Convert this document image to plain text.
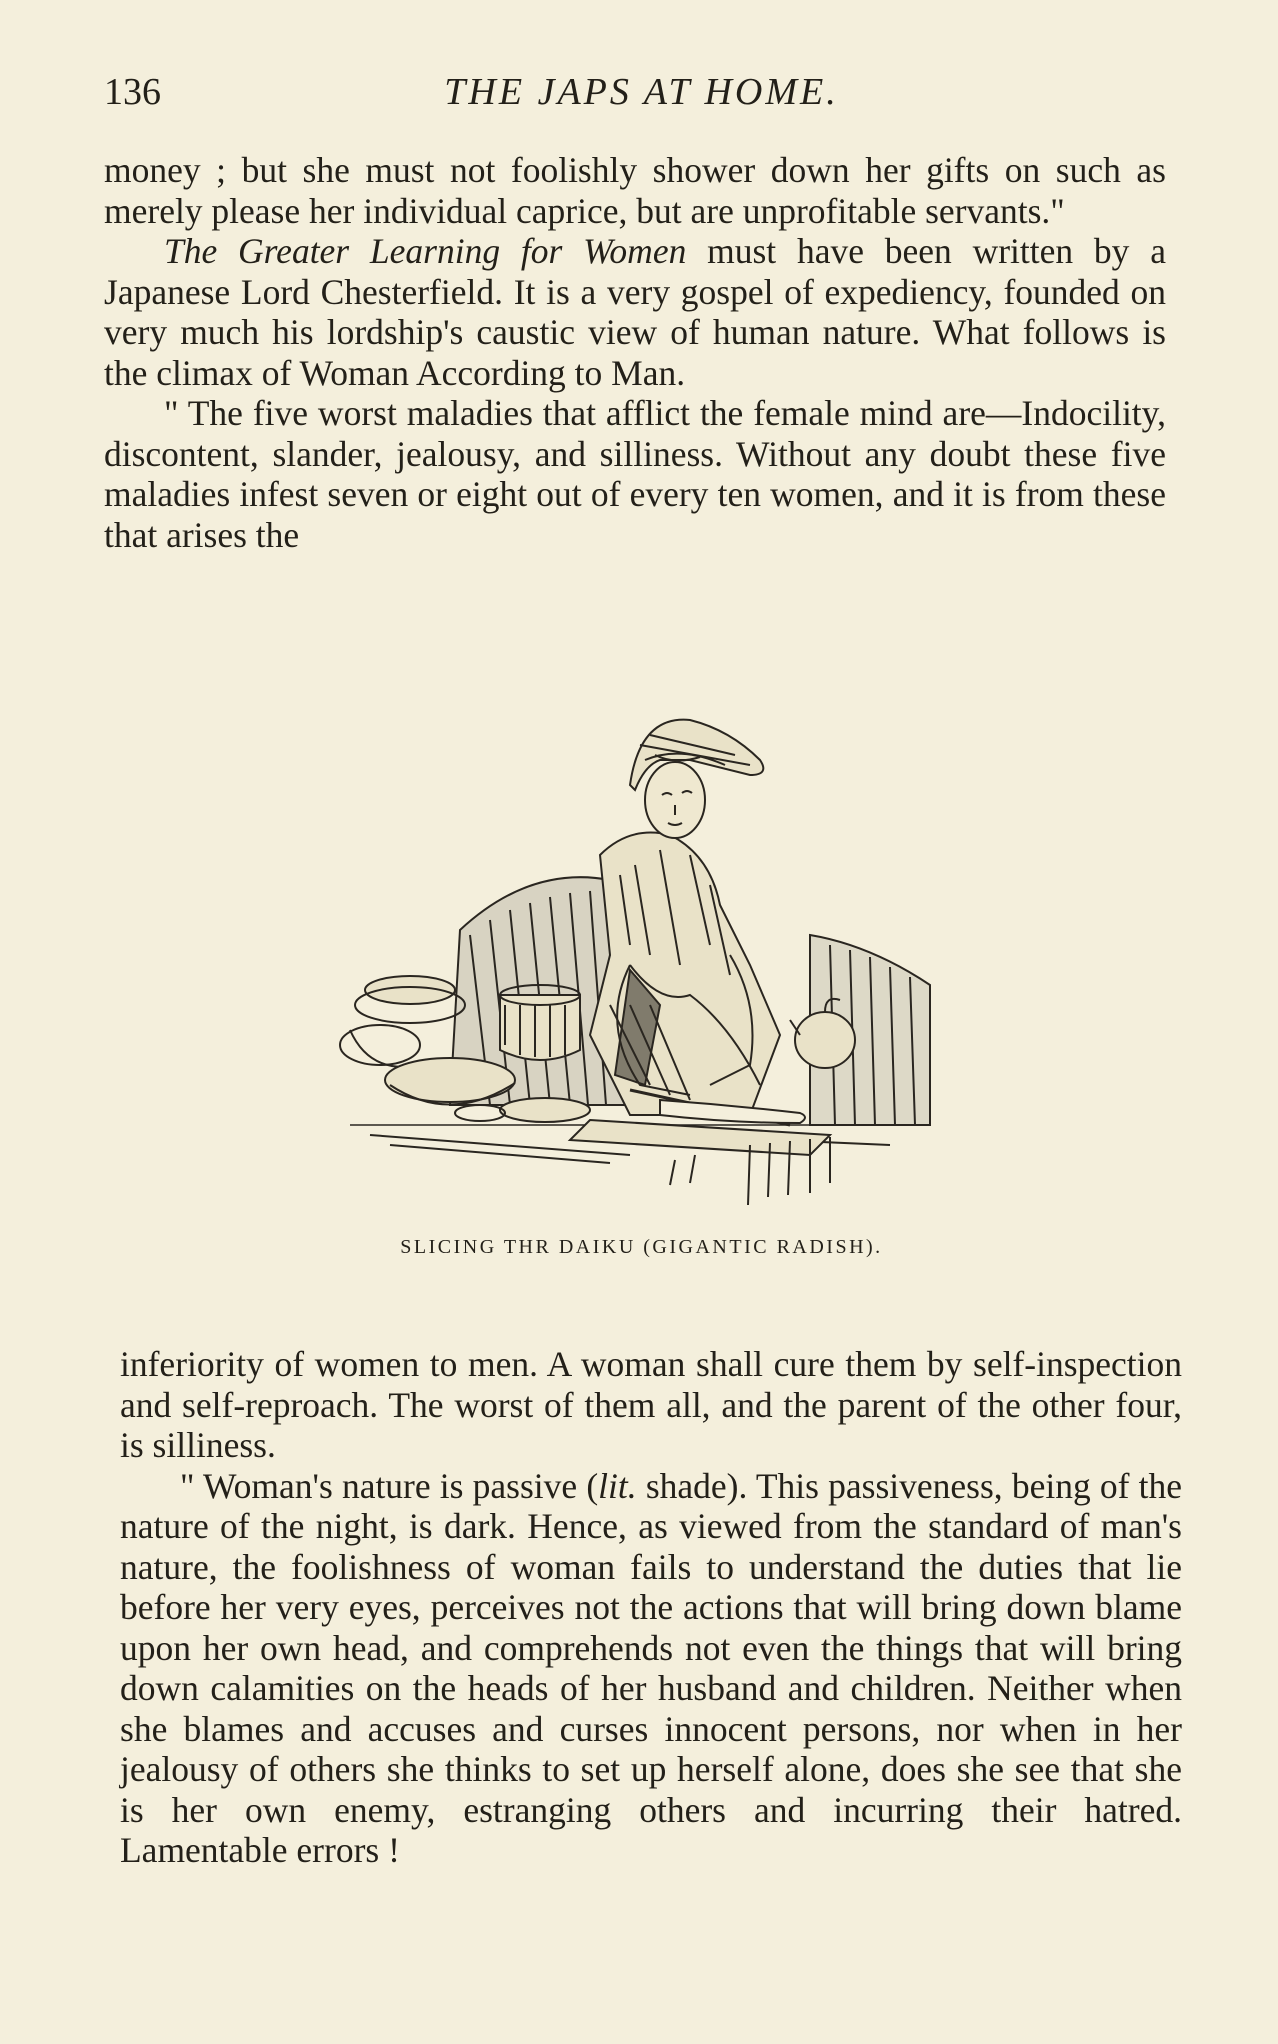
136	THE JAPS AT HOME.

money ; but she must not foolishly shower down her gifts on such as merely please her individual caprice, but are unprofitable servants."

The Greater Learning for Women must have been written by a Japanese Lord Chesterfield. It is a very gospel of expediency, founded on very much his lordship's caustic view of human nature. What follows is the climax of Woman According to Man.

" The five worst maladies that afflict the female mind are—Indocility, discontent, slander, jealousy, and silliness. Without any doubt these five maladies infest seven or eight out of every ten women, and it is from these that arises the

SLICING THR DAIKU (GIGANTIC RADISH).

inferiority of women to men. A woman shall cure them by self-inspection and self-reproach. The worst of them all, and the parent of the other four, is silliness.

" Woman's nature is passive (lit. shade). This passiveness, being of the nature of the night, is dark. Hence, as viewed from the standard of man's nature, the foolishness of woman fails to understand the duties that lie before her very eyes, perceives not the actions that will bring down blame upon her own head, and comprehends not even the things that will bring down calamities on the heads of her husband and children. Neither when she blames and accuses and curses innocent persons, nor when in her jealousy of others she thinks to set up herself alone, does she see that she is her own enemy, estranging others and incurring their hatred. Lamentable errors !
